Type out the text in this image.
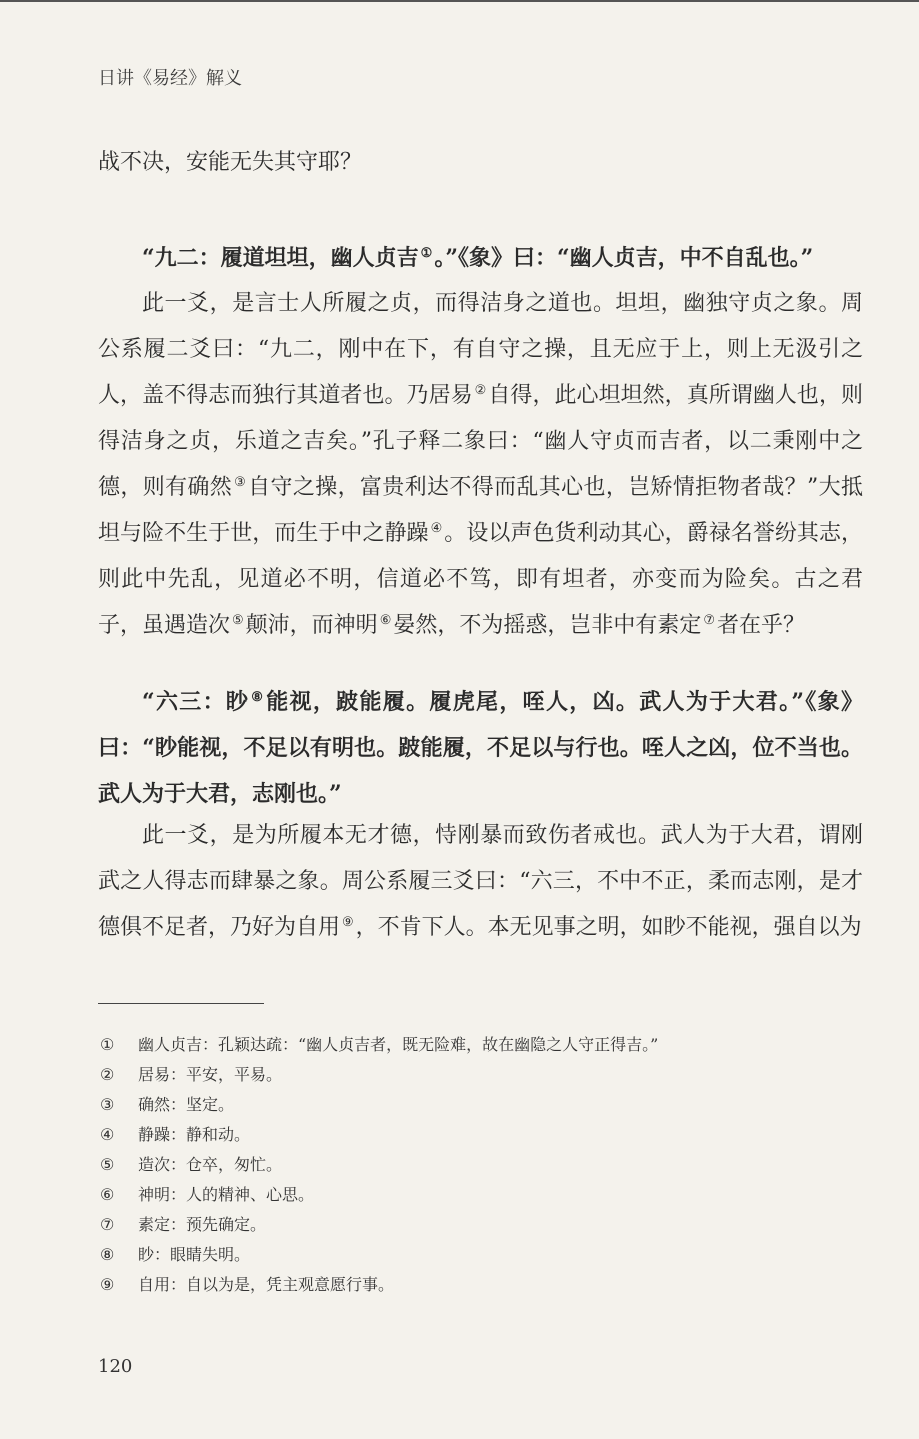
日讲《易经》解义

战不决，安能无失其守耶？

“九二：履道坦坦，幽人贞吉 ①。”《象》曰：“幽人贞吉，中不自乱也。”

此一爻，是言士人所履之贞，而得洁身之道也。坦坦，幽独守贞之象。周公系履二爻曰：“九二，刚中在下，有自守之操，且无应于上，则上无汲引之人，盖不得志而独行其道者也。乃居易 ②自得，此心坦坦然，真所谓幽人也，则得洁身之贞，乐道之吉矣。”孔子释二象曰：“幽人守贞而吉者，以二秉刚中之德，则有确然 ③自守之操，富贵利达不得而乱其心也，岂矫情拒物者哉？”大抵坦与险不生于世，而生于中之静躁 ④。设以声色货利动其心，爵禄名誉纷其志，则此中先乱，见道必不明，信道必不笃，即有坦者，亦变而为险矣。古之君子，虽遇造次 ⑤颠沛，而神明 ⑥晏然，不为摇惑，岂非中有素定 ⑦者在乎？

“六三：眇 ⑧能视，跛能履。履虎尾，咥人，凶。武人为于大君。”《象》曰：“眇能视，不足以有明也。跛能履，不足以与行也。咥人之凶，位不当也。武人为于大君，志刚也。”

此一爻，是为所履本无才德，恃刚暴而致伤者戒也。武人为于大君，谓刚武之人得志而肆暴之象。周公系履三爻曰：“六三，不中不正，柔而志刚，是才德俱不足者，乃好为自用 ⑨，不肯下人。本无见事之明，如眇不能视，强自以为

① 幽人贞吉：孔颖达疏：“幽人贞吉者，既无险难，故在幽隐之人守正得吉。”
② 居易：平安，平易。
③ 确然：坚定。
④ 静躁：静和动。
⑤ 造次：仓卒，匆忙。
⑥ 神明：人的精神、心思。
⑦ 素定：预先确定。
⑧ 眇：眼睛失明。
⑨ 自用：自以为是，凭主观意愿行事。
120
